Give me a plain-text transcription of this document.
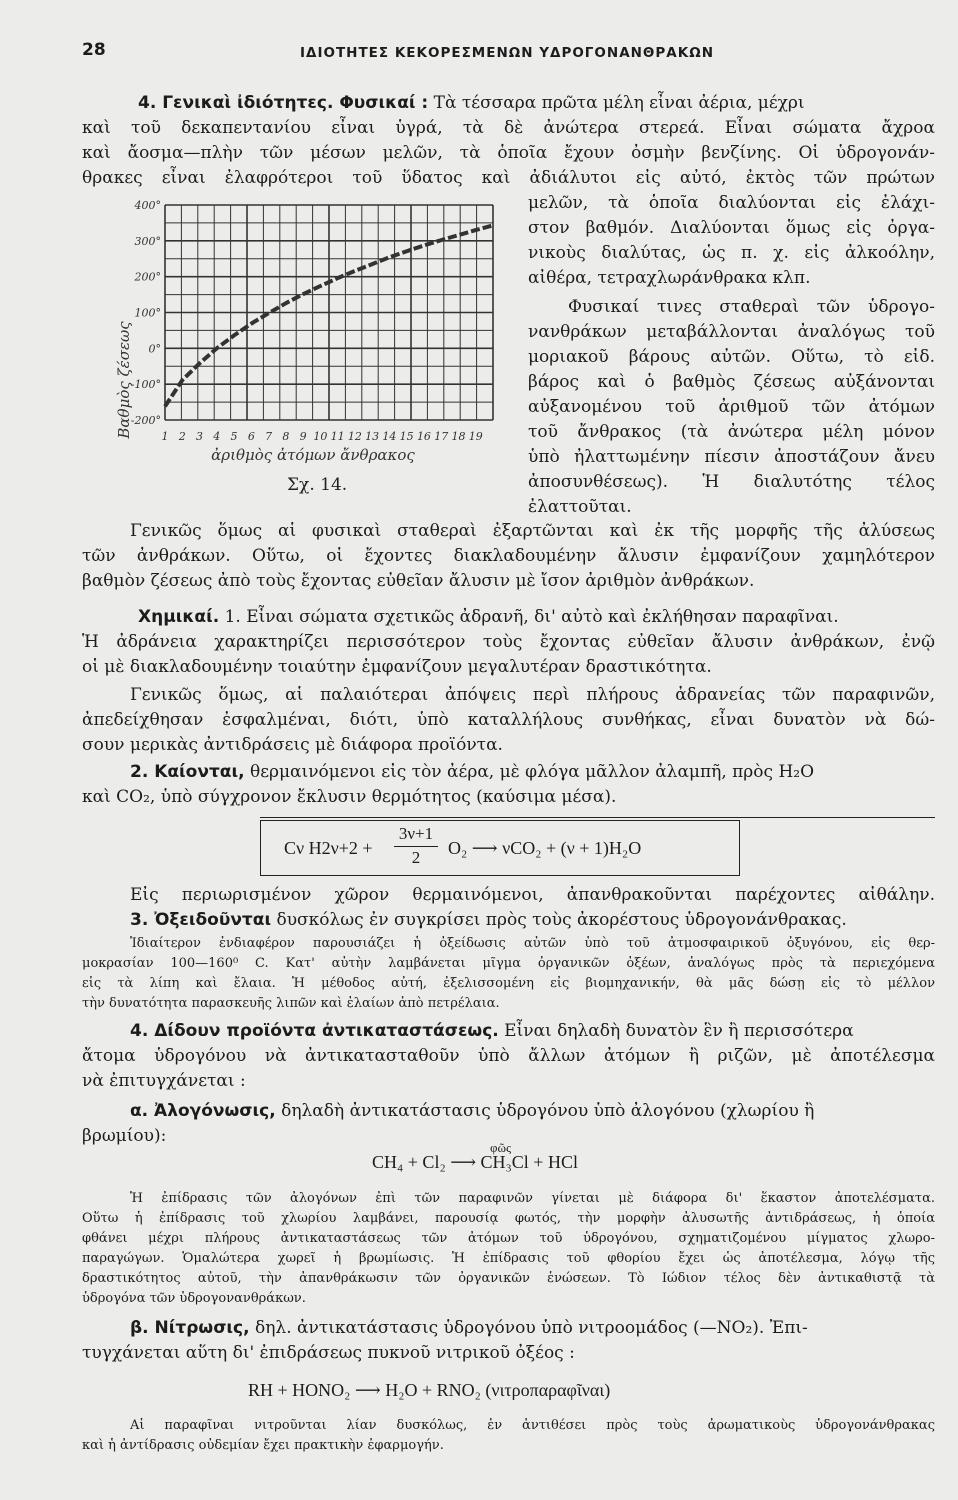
28	ΙΔΙΟΤΗΤΕΣ ΚΕΚΟΡΕΣΜΕΝΩΝ ΥΔΡΟΓΟΝΑΝΘΡΑΚΩΝ
4. Γενικαὶ ἰδιότητες. Φυσικαί : Τὰ τέσσαρα πρῶτα μέλη εἶναι ἀέρια, μέχρι
καὶ τοῦ δεκαπεντανίου εἶναι ὑγρά, τὰ δὲ ἀνώτερα στερεά. Εἶναι σώματα ἄχροα
καὶ ἄοσμα—πλὴν τῶν μέσων μελῶν, τὰ ὁποῖα ἔχουν ὀσμὴν βενζίνης. Οἱ ὑδρογονάν-
θρακες εἶναι ἐλαφρότεροι τοῦ ὕδατος καὶ ἀδιάλυτοι εἰς αὐτό, ἐκτὸς τῶν πρώτων
400°
300°
200°
100°
0°
-100°
-200°
1 2 3 4 5 6 7 8 9 10 11 12 13 14 15 16 17 18 19
Βαθμὸς ζέσεως
ἀριθμὸς ἀτόμων ἄνθρακος
Σχ. 14.
μελῶν, τὰ ὁποῖα διαλύονται εἰς ἐλάχι-
στον βαθμόν. Διαλύονται ὅμως εἰς ὀργα-
νικοὺς διαλύτας, ὡς π. χ. εἰς ἀλκοόλην,
αἰθέρα, τετραχλωράνθρακα κλπ.
Φυσικαί τινες σταθεραὶ τῶν ὑδρογο-
νανθράκων μεταβάλλονται ἀναλόγως τοῦ
μοριακοῦ βάρους αὐτῶν. Οὕτω, τὸ εἰδ.
βάρος καὶ ὁ βαθμὸς ζέσεως αὐξάνονται
αὐξανομένου τοῦ ἀριθμοῦ τῶν ἀτόμων
τοῦ ἄνθρακος (τὰ ἀνώτερα μέλη μόνον
ὑπὸ ἠλαττωμένην πίεσιν ἀποστάζουν ἄνευ
ἀποσυνθέσεως). Ἡ διαλυτότης τέλος
ἐλαττοῦται.
Γενικῶς ὅμως αἱ φυσικαὶ σταθεραὶ ἐξαρτῶνται καὶ ἐκ τῆς μορφῆς τῆς ἀλύσεως
τῶν ἀνθράκων. Οὕτω, οἱ ἔχοντες διακλαδουμένην ἄλυσιν ἐμφανίζουν χαμηλότερον
βαθμὸν ζέσεως ἀπὸ τοὺς ἔχοντας εὐθεῖαν ἄλυσιν μὲ ἴσον ἀριθμὸν ἀνθράκων.
Χημικαί. 1. Εἶναι σώματα σχετικῶς ἀδρανῆ, δι' αὐτὸ καὶ ἐκλήθησαν παραφῖναι.
Ἡ ἀδράνεια χαρακτηρίζει περισσότερον τοὺς ἔχοντας εὐθεῖαν ἄλυσιν ἀνθράκων, ἐνῷ
οἱ μὲ διακλαδουμένην τοιαύτην ἐμφανίζουν μεγαλυτέραν δραστικότητα.
Γενικῶς ὅμως, αἱ παλαιότεραι ἀπόψεις περὶ πλήρους ἀδρανείας τῶν παραφινῶν,
ἀπεδείχθησαν ἐσφαλμέναι, διότι, ὑπὸ καταλλήλους συνθήκας, εἶναι δυνατὸν νὰ δώ-
σουν μερικὰς ἀντιδράσεις μὲ διάφορα προϊόντα.
2. Καίονται, θερμαινόμενοι εἰς τὸν ἀέρα, μὲ φλόγα μᾶλλον ἀλαμπῆ, πρὸς H₂O
καὶ CO₂, ὑπὸ σύγχρονον ἔκλυσιν θερμότητος (καύσιμα μέσα).
Cν H2ν+2 +
3ν+1
2	O₂ ⟶ νCO₂ + (ν + 1)H₂O
Εἰς περιωρισμένον χῶρον θερμαινόμενοι, ἀπανθρακοῦνται παρέχοντες αἰθάλην.
3. Ὀξειδοῦνται δυσκόλως ἐν συγκρίσει πρὸς τοὺς ἀκορέστους ὑδρογονάνθρακας.
Ἰδιαίτερον ἐνδιαφέρον παρουσιάζει ἡ ὀξείδωσις αὐτῶν ὑπὸ τοῦ ἀτμοσφαιρικοῦ ὀξυγόνου, εἰς θερ-
μοκρασίαν 100—160⁰ C. Κατ' αὐτὴν λαμβάνεται μῖγμα ὀργανικῶν ὀξέων, ἀναλόγως πρὸς τὰ περιεχόμενα
εἰς τὰ λίπη καὶ ἔλαια. Ἡ μέθοδος αὐτή, ἐξελισσομένη εἰς βιομηχανικήν, θὰ μᾶς δώσῃ εἰς τὸ μέλλον
τὴν δυνατότητα παρασκευῆς λιπῶν καὶ ἐλαίων ἀπὸ πετρέλαια.
4. Δίδουν προϊόντα ἀντικαταστάσεως. Εἶναι δηλαδὴ δυνατὸν ἓν ἢ περισσότερα
ἄτομα ὑδρογόνου νὰ ἀντικατασταθοῦν ὑπὸ ἄλλων ἀτόμων ἢ ριζῶν, μὲ ἀποτέλεσμα
νὰ ἐπιτυγχάνεται :
α. Ἀλογόνωσις, δηλαδὴ ἀντικατάστασις ὑδρογόνου ὑπὸ ἀλογόνου (χλωρίου ἢ
βρωμίου):
φῶς
CH₄ + Cl₂ ⟶ CH₃Cl + HCl
Ἡ ἐπίδρασις τῶν ἀλογόνων ἐπὶ τῶν παραφινῶν γίνεται μὲ διάφορα δι' ἕκαστον ἀποτελέσματα.
Οὕτω ἡ ἐπίδρασις τοῦ χλωρίου λαμβάνει, παρουσίᾳ φωτός, τὴν μορφὴν ἀλυσωτῆς ἀντιδράσεως, ἡ ὁποία
φθάνει μέχρι πλήρους ἀντικαταστάσεως τῶν ἀτόμων τοῦ ὑδρογόνου, σχηματιζομένου μίγματος χλωρο-
παραγώγων. Ὁμαλώτερα χωρεῖ ἡ βρωμίωσις. Ἡ ἐπίδρασις τοῦ φθορίου ἔχει ὡς ἀποτέλεσμα, λόγῳ τῆς
δραστικότητος αὐτοῦ, τὴν ἀπανθράκωσιν τῶν ὀργανικῶν ἑνώσεων. Τὸ Ιώδιον τέλος δὲν ἀντικαθιστᾷ τὰ
ὑδρογόνα τῶν ὑδρογονανθράκων.
β. Νίτρωσις, δηλ. ἀντικατάστασις ὑδρογόνου ὑπὸ νιτροομάδος (—NO₂). Ἐπι-
τυγχάνεται αὕτη δι' ἐπιδράσεως πυκνοῦ νιτρικοῦ ὀξέος :
RH + HONO₂ ⟶ H₂O + RNO₂ (νιτροπαραφῖναι)
Αἱ παραφῖναι νιτροῦνται λίαν δυσκόλως, ἐν ἀντιθέσει πρὸς τοὺς ἀρωματικοὺς ὑδρογονάνθρακας
καὶ ἡ ἀντίδρασις οὐδεμίαν ἔχει πρακτικὴν ἐφαρμογήν.
